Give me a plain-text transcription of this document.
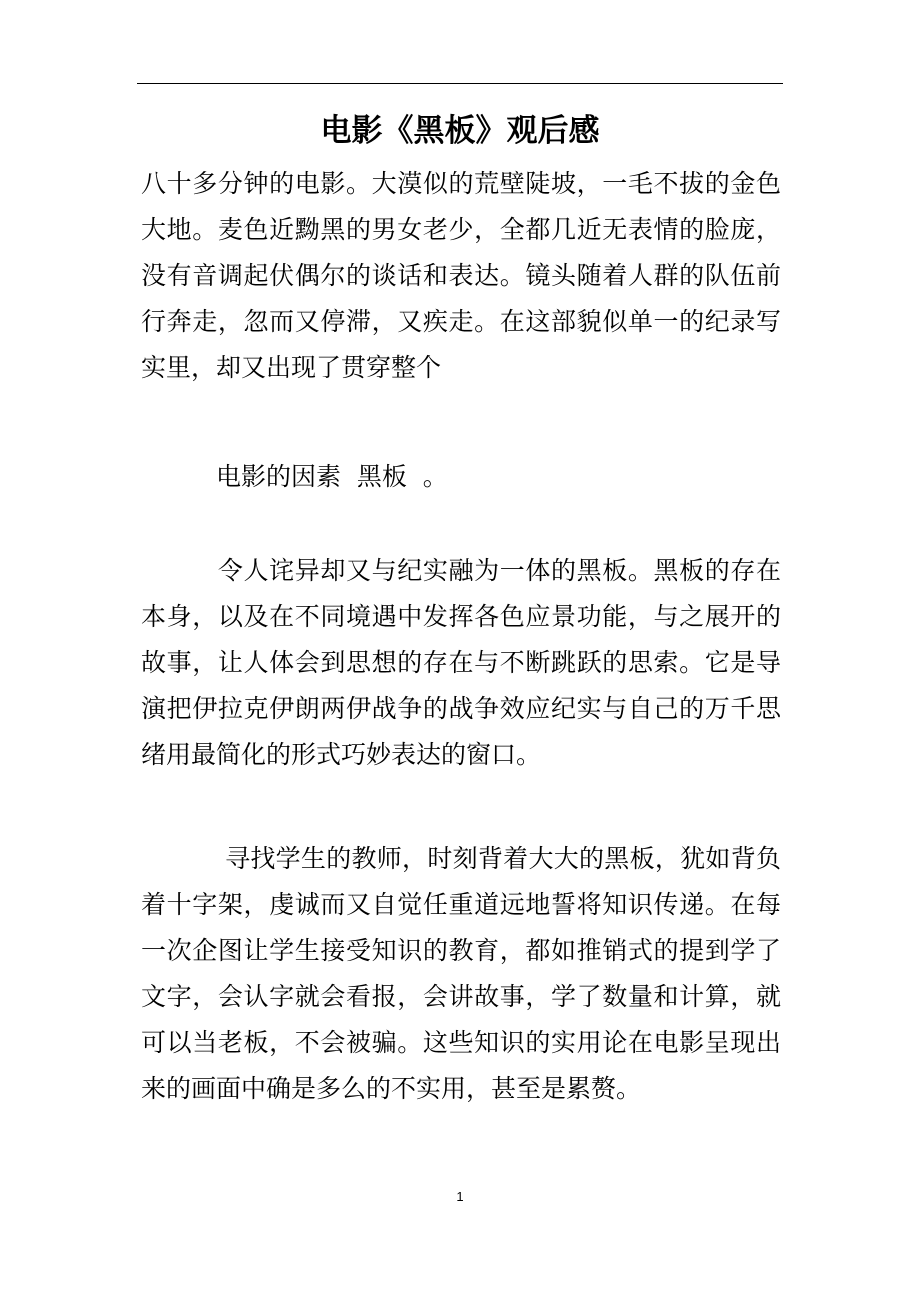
电影《黑板》观后感

八十多分钟的电影。大漠似的荒壁陡坡，一毛不拔的金色大地。麦色近黝黑的男女老少，全都几近无表情的脸庞，没有音调起伏偶尔的谈话和表达。镜头随着人群的队伍前行奔走，忽而又停滞，又疾走。在这部貌似单一的纪录写实里，却又出现了贯穿整个

　　　电影的因素  黑板  。

　　　令人诧异却又与纪实融为一体的黑板。黑板的存在本身，以及在不同境遇中发挥各色应景功能，与之展开的故事，让人体会到思想的存在与不断跳跃的思索。它是导演把伊拉克伊朗两伊战争的战争效应纪实与自己的万千思绪用最简化的形式巧妙表达的窗口。

　　　 寻找学生的教师，时刻背着大大的黑板，犹如背负着十字架，虔诚而又自觉任重道远地誓将知识传递。在每一次企图让学生接受知识的教育，都如推销式的提到学了文字，会认字就会看报，会讲故事，学了数量和计算，就可以当老板，不会被骗。这些知识的实用论在电影呈现出来的画面中确是多么的不实用，甚至是累赘。

1
